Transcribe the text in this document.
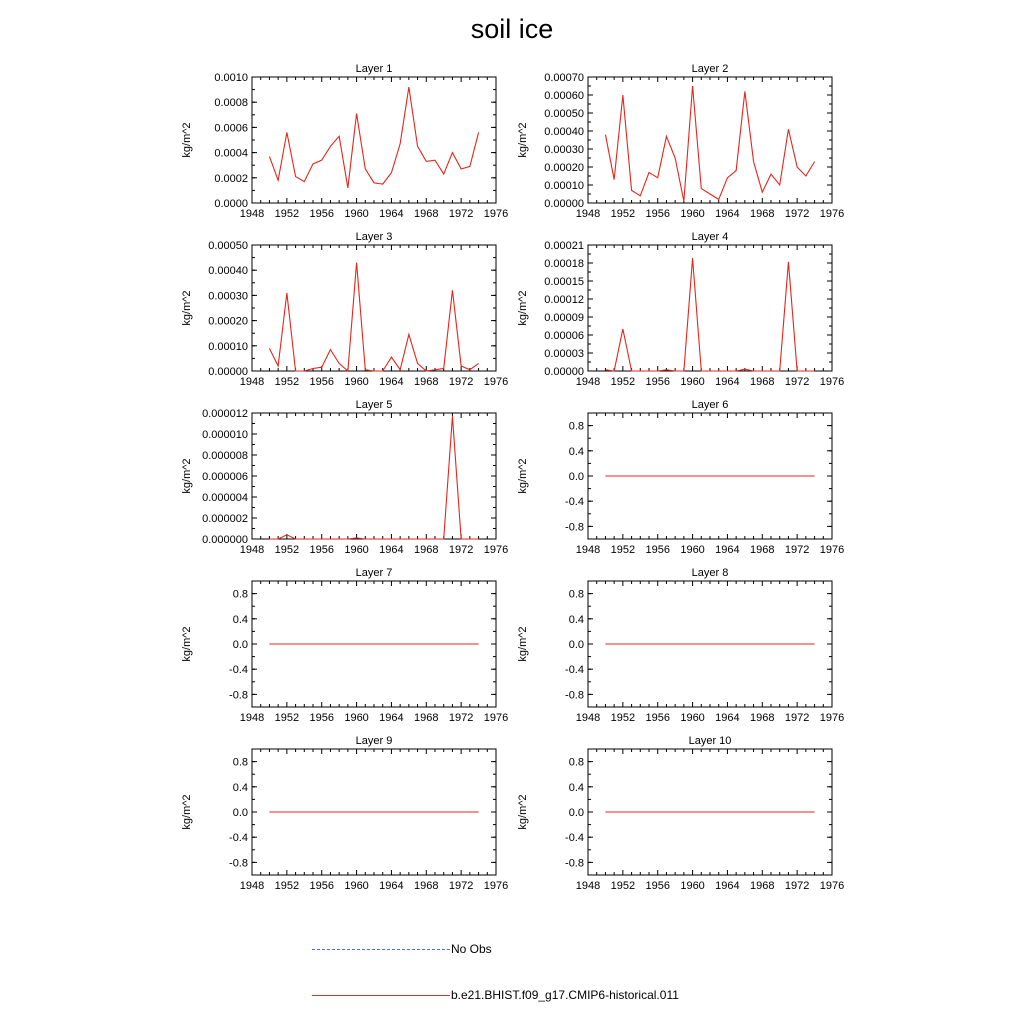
soil ice
Layer 1
kg/m^2
1948 1952 1956 1960 1964 1968 1972 1976
0.0000
0.0002
0.0004
0.0006
0.0008
0.0010
Layer 2
kg/m^2
1948 1952 1956 1960 1964 1968 1972 1976
0.00000
0.00010
0.00020
0.00030
0.00040
0.00050
0.00060
0.00070
Layer 3
kg/m^2
1948 1952 1956 1960 1964 1968 1972 1976
0.00000
0.00010
0.00020
0.00030
0.00040
0.00050
Layer 4
kg/m^2
1948 1952 1956 1960 1964 1968 1972 1976
0.00000
0.00003
0.00006
0.00009
0.00012
0.00015
0.00018
0.00021
Layer 5
kg/m^2
1948 1952 1956 1960 1964 1968 1972 1976
0.000000
0.000002
0.000004
0.000006
0.000008
0.000010
0.000012
Layer 6
kg/m^2
1948 1952 1956 1960 1964 1968 1972 1976
-0.8
-0.4
0.0
0.4
0.8
Layer 7
kg/m^2
1948 1952 1956 1960 1964 1968 1972 1976
-0.8
-0.4
0.0
0.4
0.8
Layer 8
kg/m^2
1948 1952 1956 1960 1964 1968 1972 1976
-0.8
-0.4
0.0
0.4
0.8
Layer 9
kg/m^2
1948 1952 1956 1960 1964 1968 1972 1976
-0.8
-0.4
0.0
0.4
0.8
Layer 10
kg/m^2
1948 1952 1956 1960 1964 1968 1972 1976
-0.8
-0.4
0.0
0.4
0.8
No Obs
b.e21.BHIST.f09_g17.CMIP6-historical.011
